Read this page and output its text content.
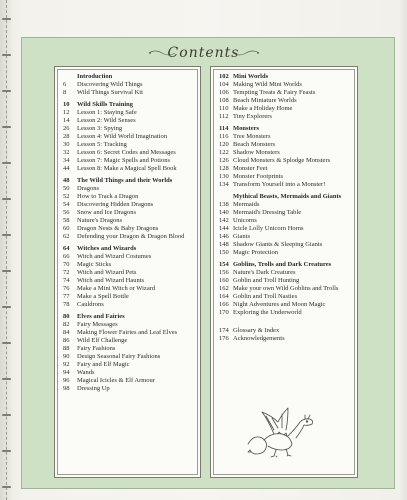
Contents
Introduction
6	Discovering Wild Things
8	Wild Things Survival Kit
10	Wild Skills Training
12	Lesson 1: Staying Safe
14	Lesson 2: Wild Senses
26	Lesson 3: Spying
28	Lesson 4: Wild World Imagination
30	Lesson 5: Tracking
32	Lesson 6: Secret Codes and Messages
34	Lesson 7: Magic Spells and Potions
44	Lesson 8: Make a Magical Spell Book
48	The Wild Things and their Worlds
50	Dragons
52	How to Track a Dragon
54	Discovering Hidden Dragons
56	Snow and Ice Dragons
58	Nature's Dragons
60	Dragon Nests & Baby Dragons
62	Defending your Dragon & Dragon Blood
64	Witches and Wizards
66	Witch and Wizard Costumes
70	Magic Sticks
72	Witch and Wizard Pets
74	Witch and Wizard Haunts
76	Make a Mini Witch or Wizard
77	Make a Spell Bottle
78	Cauldrons
80	Elves and Fairies
82	Fairy Messages
84	Making Flower Fairies and Leaf Elves
86	Wild Elf Challenge
88	Fairy Fashions
90	Design Seasonal Fairy Fashions
92	Fairy and Elf Magic
94	Wands
96	Magical Icicles & Elf Armour
98	Dressing Up
102 Mini Worlds
104 Making Wild Mini Worlds
106 Tempting Treats & Fairy Feasts
108 Beach Miniature Worlds
110 Make a Holiday Home
112 Tiny Explorers
114 Monsters
116 Tree Monsters
120 Beach Monsters
122 Shadow Monsters
126 Cloud Monsters & Splodge Monsters
128 Monster Feet
130 Monster Footprints
134 Transform Yourself into a Monster!
Mythical Beasts, Mermaids and Giants
138 Mermaids
140 Mermaid's Dressing Table
142 Unicorns
144 Icicle Lolly Unicorn Horns
146 Giants
148 Shadow Giants & Sleeping Giants
150 Magic Protection
154 Goblins, Trolls and Dark Creatures
156 Nature's Dark Creatures
160 Goblin and Troll Hunting
162 Make your own Wild Goblins and Trolls
164 Goblin and Troll Nasties
166 Night Adventures and Moon Magic
170 Exploring the Underworld
174 Glossary & Index
176 Acknowledgements
